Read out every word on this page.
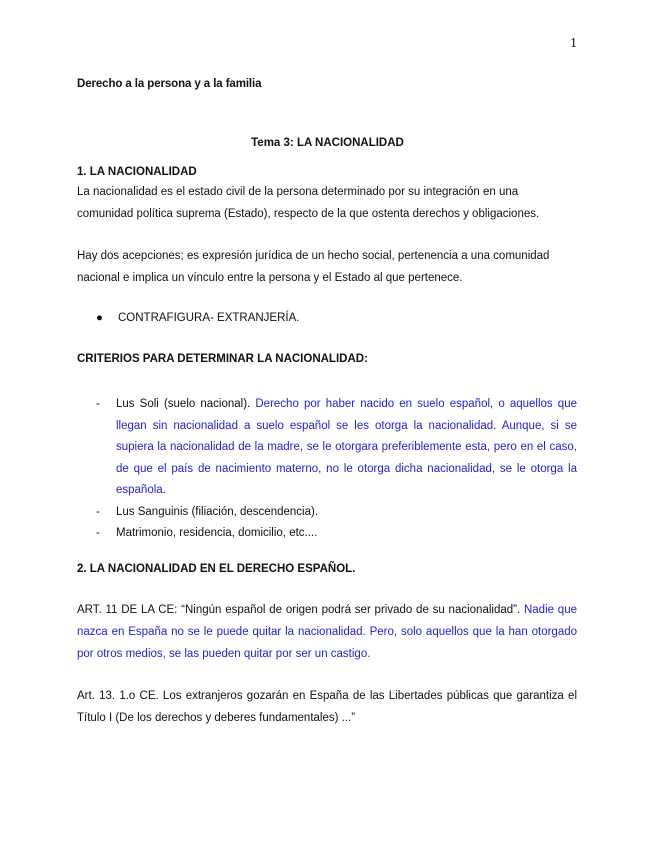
1
Derecho a la persona y a la familia
Tema 3: LA NACIONALIDAD
1. LA NACIONALIDAD
La nacionalidad es el estado civil de la persona determinado por su integración en una comunidad política suprema (Estado), respecto de la que ostenta derechos y obligaciones.
Hay dos acepciones; es expresión jurídica de un hecho social, pertenencia a una comunidad nacional e implica un vínculo entre la persona y el Estado al que pertenece.
● CONTRAFIGURA- EXTRANJERÍA.
CRITERIOS PARA DETERMINAR LA NACIONALIDAD:
- Lus Soli (suelo nacional). Derecho por haber nacido en suelo español, o aquellos que llegan sin nacionalidad a suelo español se les otorga la nacionalidad. Aunque, si se supiera la nacionalidad de la madre, se le otorgara preferiblemente esta, pero en el caso, de que el país de nacimiento materno, no le otorga dicha nacionalidad, se le otorga la española.
- Lus Sanguinis (filiación, descendencia).
- Matrimonio, residencia, domicilio, etc....
2. LA NACIONALIDAD EN EL DERECHO ESPAÑOL.
ART. 11 DE LA CE: “Ningún español de origen podrá ser privado de su nacionalidad”. Nadie que nazca en España no se le puede quitar la nacionalidad. Pero, solo aquellos que la han otorgado por otros medios, se las pueden quitar por ser un castigo.
Art. 13. 1.o CE. Los extranjeros gozarán en España de las Libertades públicas que garantiza el Título I (De los derechos y deberes fundamentales) ...”
